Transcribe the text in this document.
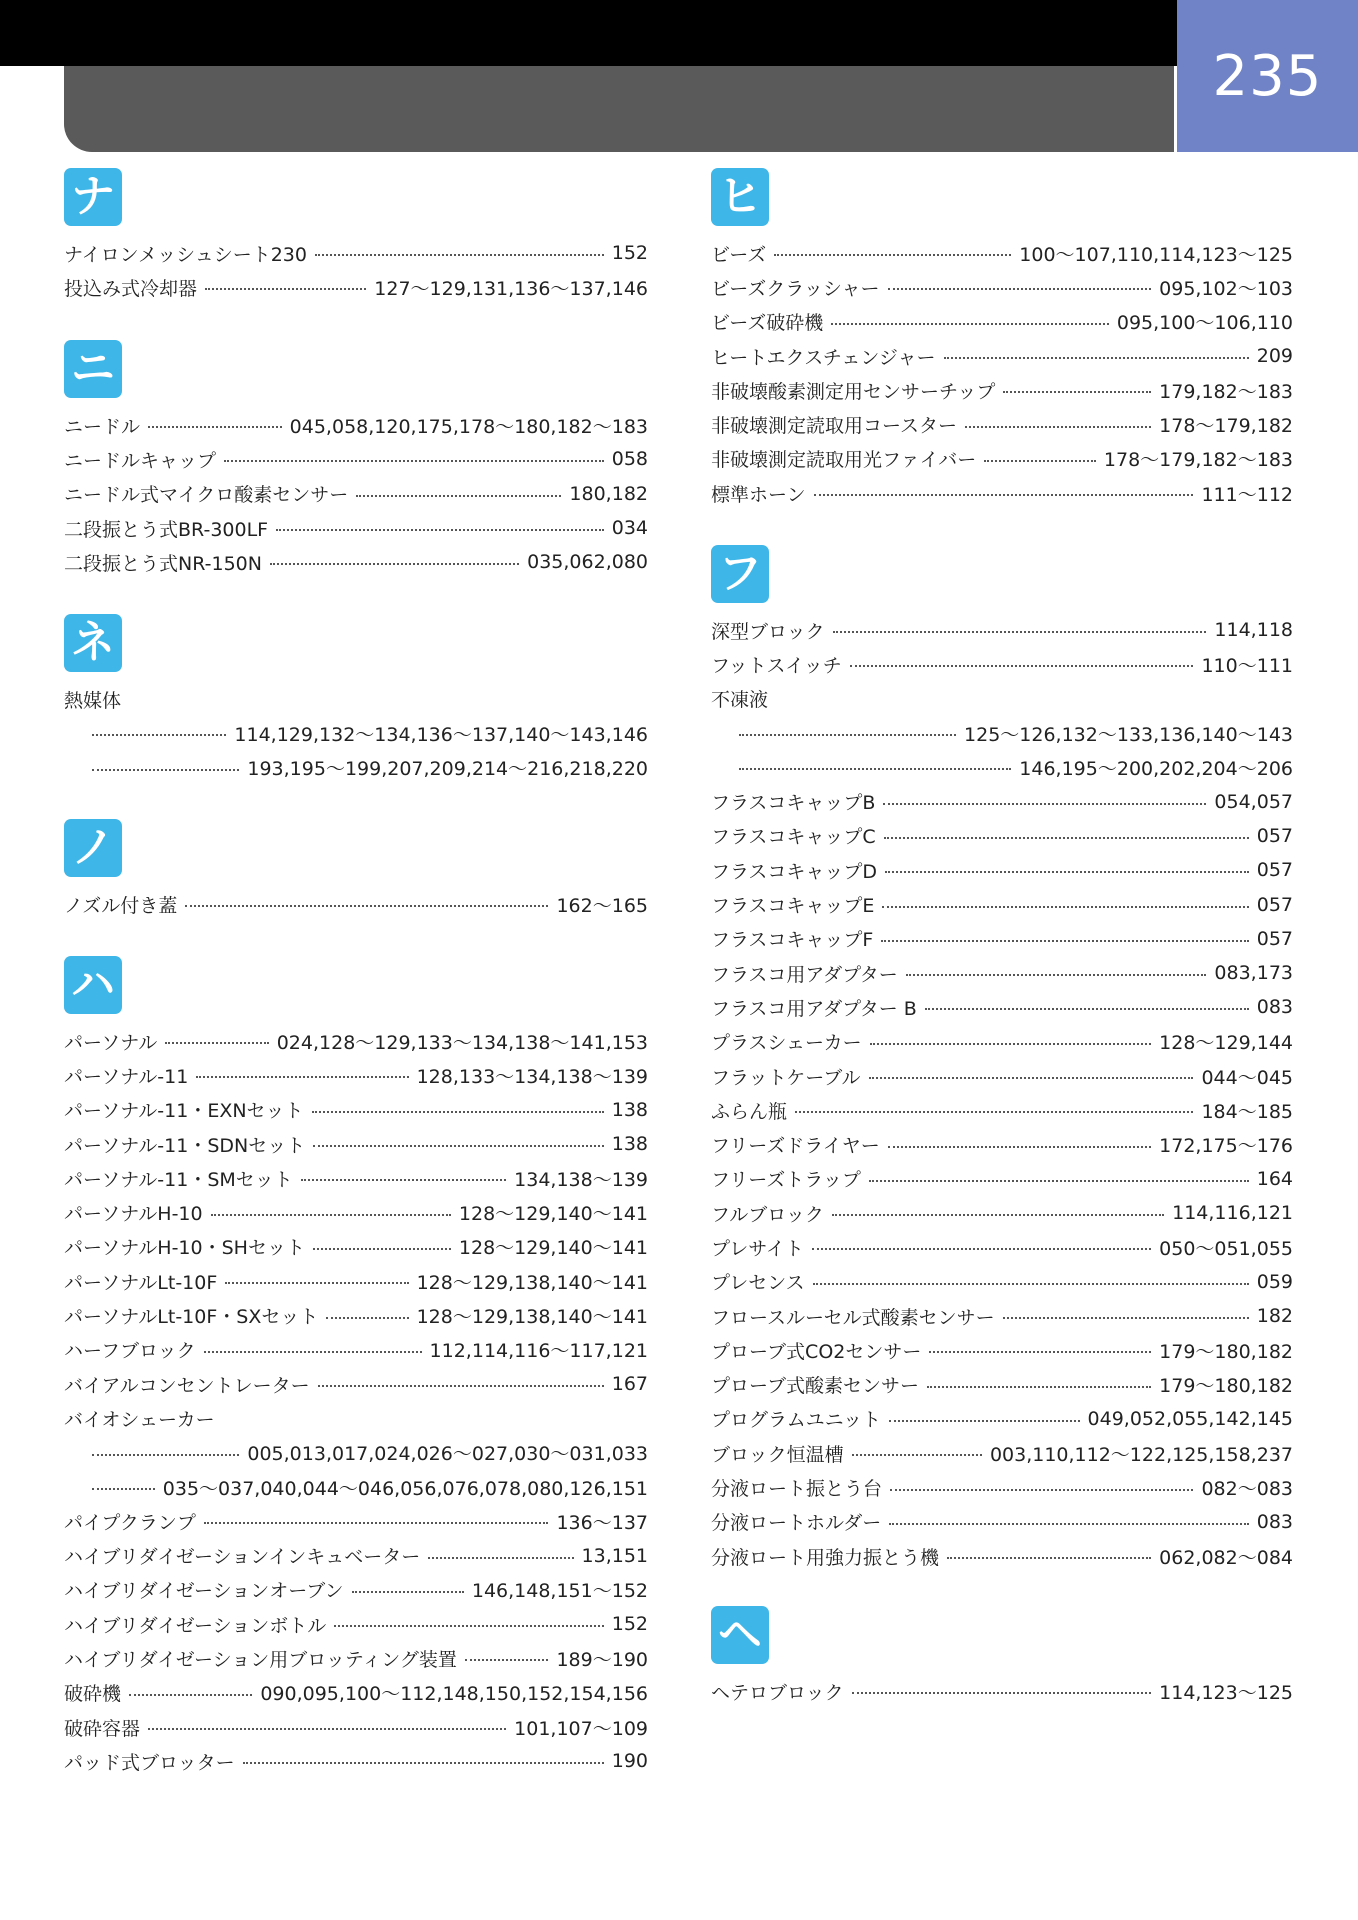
235
ナ
ナイロンメッシュシート230	152
投込み式冷却器	127～129,131,136～137,146
ニ
ニードル	045,058,120,175,178～180,182～183
ニードルキャップ	058
ニードル式マイクロ酸素センサー	180,182
二段振とう式BR-300LF	034
二段振とう式NR-150N	035,062,080
ネ
熱媒体
114,129,132～134,136～137,140～143,146
193,195～199,207,209,214～216,218,220
ノ
ノズル付き蓋	162～165
ハ
パーソナル	024,128～129,133～134,138～141,153
パーソナル-11	128,133～134,138～139
パーソナル-11・EXNセット	138
パーソナル-11・SDNセット	138
パーソナル-11・SMセット	134,138～139
パーソナルH-10	128～129,140～141
パーソナルH-10・SHセット	128～129,140～141
パーソナルLt-10F	128～129,138,140～141
パーソナルLt-10F・SXセット	128～129,138,140～141
ハーフブロック	112,114,116～117,121
バイアルコンセントレーター	167
バイオシェーカー
005,013,017,024,026～027,030～031,033
035～037,040,044～046,056,076,078,080,126,151
パイプクランプ	136～137
ハイブリダイゼーションインキュベーター	13,151
ハイブリダイゼーションオーブン	146,148,151～152
ハイブリダイゼーションボトル	152
ハイブリダイゼーション用ブロッティング装置	189～190
破砕機	090,095,100～112,148,150,152,154,156
破砕容器	101,107～109
パッド式ブロッター	190
ヒ
ビーズ	100～107,110,114,123～125
ビーズクラッシャー	095,102～103
ビーズ破砕機	095,100～106,110
ヒートエクスチェンジャー	209
非破壊酸素測定用センサーチップ	179,182～183
非破壊測定読取用コースター	178～179,182
非破壊測定読取用光ファイバー	178～179,182～183
標準ホーン	111～112
フ
深型ブロック	114,118
フットスイッチ	110～111
不凍液
125～126,132～133,136,140～143
146,195～200,202,204～206
フラスコキャップB	054,057
フラスコキャップC	057
フラスコキャップD	057
フラスコキャップE	057
フラスコキャップF	057
フラスコ用アダプター	083,173
フラスコ用アダプター B	083
プラスシェーカー	128～129,144
フラットケーブル	044～045
ふらん瓶	184～185
フリーズドライヤー	172,175～176
フリーズトラップ	164
フルブロック	114,116,121
プレサイト	050～051,055
プレセンス	059
フロースルーセル式酸素センサー	182
プローブ式CO2センサー	179～180,182
プローブ式酸素センサー	179～180,182
プログラムユニット	049,052,055,142,145
ブロック恒温槽	003,110,112～122,125,158,237
分液ロート振とう台	082～083
分液ロートホルダー	083
分液ロート用強力振とう機	062,082～084
ヘ
ヘテロブロック	114,123～125
